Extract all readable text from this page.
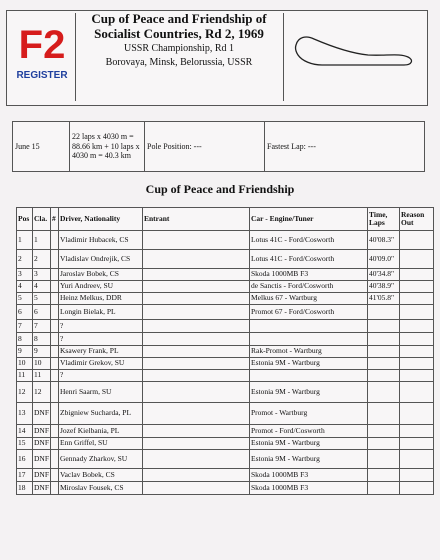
F2
REGISTER
Cup of Peace and Friendship of Socialist Countries, Rd 2, 1969
USSR Championship, Rd 1
Borovaya, Minsk, Belorussia, USSR
June 15	22 laps x 4030 m = 88.66 km + 10 laps x 4030 m = 40.3 km	Pole Position: ---	Fastest Lap: ---
Cup of Peace and Friendship
Pos	Cla.	#	Driver, Nationality	Entrant	Car - Engine/Tuner	Time, Laps	Reason Out
1	1		Vladimir Hubacek, CS		Lotus 41C - Ford/Cosworth	40'08.3"	
2	2		Vladislav Ondrejik, CS		Lotus 41C - Ford/Cosworth	40'09.0"	
3	3		Jaroslav Bobek, CS		Skoda 1000MB F3	40'34.8"	
4	4		Yuri Andreev, SU		de Sanctis - Ford/Cosworth	40'38.9"	
5	5		Heinz Melkus, DDR		Melkus 67 - Wartburg	41'05.8"	
6	6		Longin Bielak, PL		Promot 67 - Ford/Cosworth		
7	7		?				
8	8		?				
9	9		Ksawery Frank, PL		Rak-Promot - Wartburg		
10	10		Vladimir Grekov, SU		Estonia 9M - Wartburg		
11	11		?				
12	12		Henri Saarm, SU		Estonia 9M - Wartburg		
13	DNF		Zbigniew Sucharda, PL		Promot - Wartburg		
14	DNF		Jozef Kielbania, PL		Promot - Ford/Cosworth		
15	DNF		Enn Griffel, SU		Estonia 9M - Wartburg		
16	DNF		Gennady Zharkov, SU		Estonia 9M - Wartburg		
17	DNF		Vaclav Bobek, CS		Skoda 1000MB F3		
18	DNF		Miroslav Fousek, CS		Skoda 1000MB F3		
